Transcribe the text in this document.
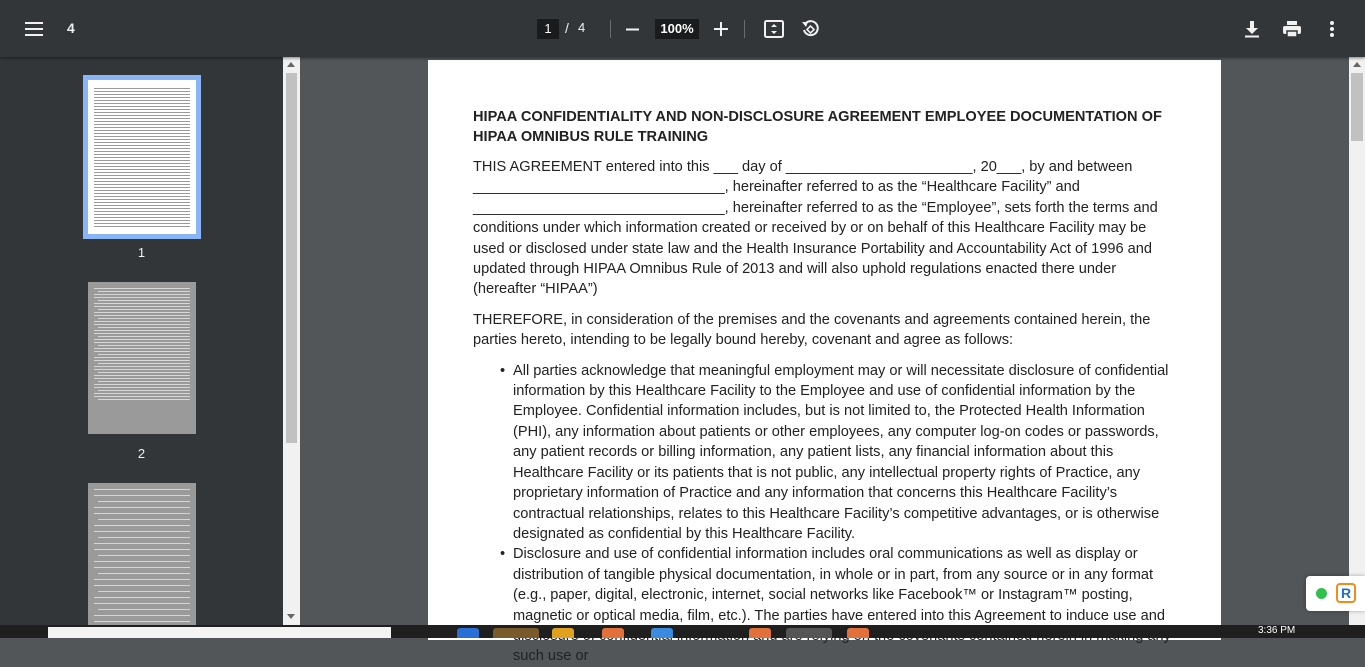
4	1 / 4	100%
1
2
HIPAA CONFIDENTIALITY AND NON-DISCLOSURE AGREEMENT EMPLOYEE DOCUMENTATION OF HIPAA OMNIBUS RULE TRAINING
THIS AGREEMENT entered into this ___ day of _______________________, 20___, by and between
_______________________________, hereinafter referred to as the “Healthcare Facility” and
_______________________________, hereinafter referred to as the “Employee”, sets forth the terms and conditions under which information created or received by or on behalf of this Healthcare Facility may be used or disclosed under state law and the Health Insurance Portability and Accountability Act of 1996 and updated through HIPAA Omnibus Rule of 2013 and will also uphold regulations enacted there under (hereafter “HIPAA”)
THEREFORE, in consideration of the premises and the covenants and agreements contained herein, the parties hereto, intending to be legally bound hereby, covenant and agree as follows:
• All parties acknowledge that meaningful employment may or will necessitate disclosure of confidential information by this Healthcare Facility to the Employee and use of confidential information by the Employee. Confidential information includes, but is not limited to, the Protected Health Information (PHI), any information about patients or other employees, any computer log-on codes or passwords, any patient records or billing information, any patient lists, any financial information about this Healthcare Facility or its patients that is not public, any intellectual property rights of Practice, any proprietary information of Practice and any information that concerns this Healthcare Facility’s contractual relationships, relates to this Healthcare Facility’s competitive advantages, or is otherwise designated as confidential by this Healthcare Facility.
• Disclosure and use of confidential information includes oral communications as well as display or distribution of tangible physical documentation, in whole or in part, from any source or in any format (e.g., paper, digital, electronic, internet, social networks like Facebook™ or Instagram™ posting, magnetic or optical media, film, etc.). The parties have entered into this Agreement to induce use and such use or
R
3:36 PM
